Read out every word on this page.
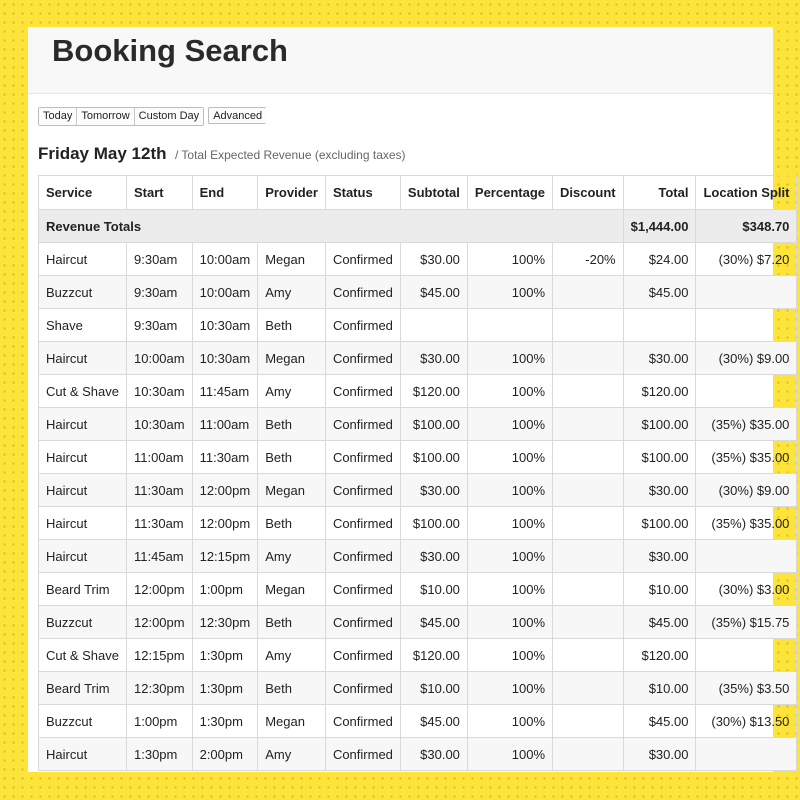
Booking Search
Today Tomorrow Custom Day	Advanced
Friday May 12th / Total Expected Revenue (excluding taxes)
Service	Start	End	Provider	Status	Subtotal	Percentage	Discount	Total	Location Split
Revenue Totals								$1,444.00	$348.70
Haircut	9:30am	10:00am	Megan	Confirmed	$30.00	100%	-20%	$24.00	(30%) $7.20
Buzzcut	9:30am	10:00am	Amy	Confirmed	$45.00	100%		$45.00	
Shave	9:30am	10:30am	Beth	Confirmed					
Haircut	10:00am	10:30am	Megan	Confirmed	$30.00	100%		$30.00	(30%) $9.00
Cut & Shave	10:30am	11:45am	Amy	Confirmed	$120.00	100%		$120.00	
Haircut	10:30am	11:00am	Beth	Confirmed	$100.00	100%		$100.00	(35%) $35.00
Haircut	11:00am	11:30am	Beth	Confirmed	$100.00	100%		$100.00	(35%) $35.00
Haircut	11:30am	12:00pm	Megan	Confirmed	$30.00	100%		$30.00	(30%) $9.00
Haircut	11:30am	12:00pm	Beth	Confirmed	$100.00	100%		$100.00	(35%) $35.00
Haircut	11:45am	12:15pm	Amy	Confirmed	$30.00	100%		$30.00	
Beard Trim	12:00pm	1:00pm	Megan	Confirmed	$10.00	100%		$10.00	(30%) $3.00
Buzzcut	12:00pm	12:30pm	Beth	Confirmed	$45.00	100%		$45.00	(35%) $15.75
Cut & Shave	12:15pm	1:30pm	Amy	Confirmed	$120.00	100%		$120.00	
Beard Trim	12:30pm	1:30pm	Beth	Confirmed	$10.00	100%		$10.00	(35%) $3.50
Buzzcut	1:00pm	1:30pm	Megan	Confirmed	$45.00	100%		$45.00	(30%) $13.50
Haircut	1:30pm	2:00pm	Amy	Confirmed	$30.00	100%		$30.00	
